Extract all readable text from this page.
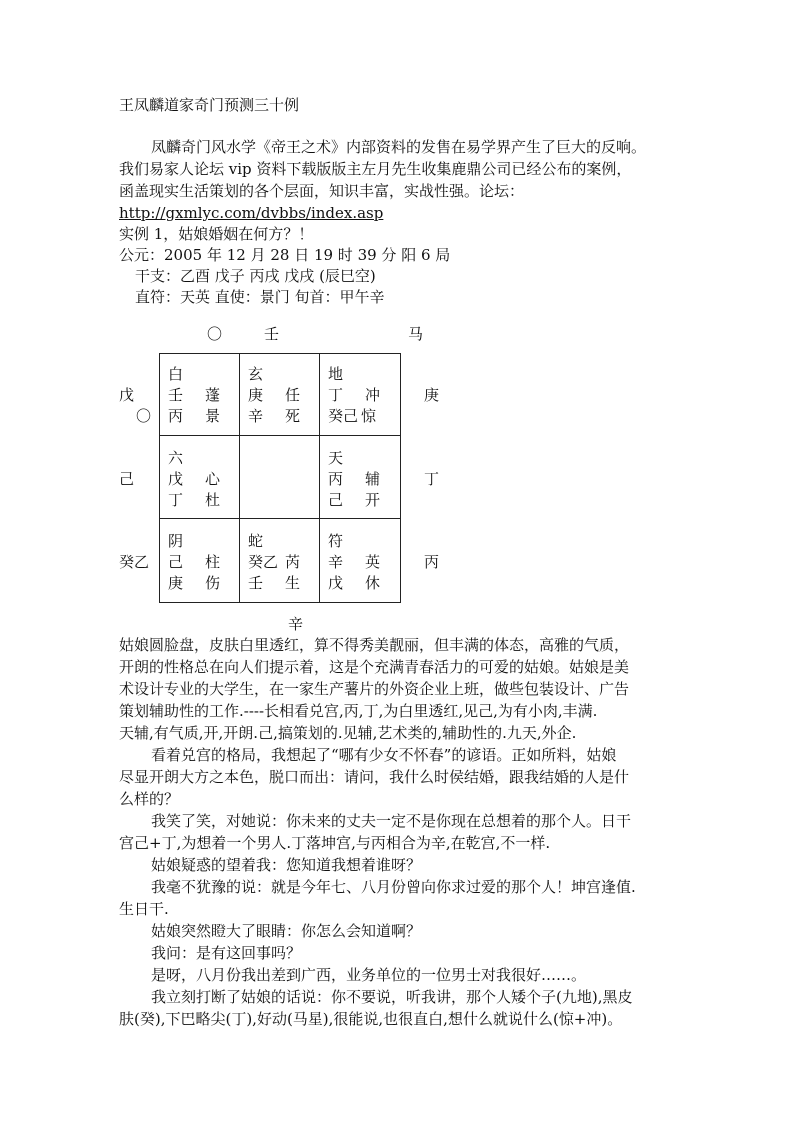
王凤麟道家奇门预测三十例
凤麟奇门风水学《帝王之术》内部资料的发售在易学界产生了巨大的反响。
我们易家人论坛 vip 资料下载版版主左月先生收集鹿鼎公司已经公布的案例，
函盖现实生活策划的各个层面，知识丰富，实战性强。论坛：
http://gxmlyc.com/dvbbs/index.asp
实例 1，姑娘婚姻在何方？！
公元：2005 年 12 月 28 日 19 时 39 分 阳 6 局
干支：乙酉 戊子 丙戌 戊戌 (辰巳空)
直符：天英 直使：景门 旬首：甲午辛
〇	壬	马
戊
〇
己
癸乙
庚
丁
丙
白
壬 蓬
丙 景
玄
庚 任
辛 死
地
丁 冲
癸己 惊
六
戊 心
丁 杜
天
丙 辅
己 开
阴
己 柱
庚 伤
蛇
癸乙 芮
壬 生
符
辛 英
戊 休
辛
姑娘圆脸盘，皮肤白里透红，算不得秀美靓丽，但丰满的体态，高雅的气质，
开朗的性格总在向人们提示着，这是个充满青春活力的可爱的姑娘。姑娘是美
术设计专业的大学生，在一家生产薯片的外资企业上班，做些包装设计、广告
策划辅助性的工作.----长相看兑宫,丙,丁,为白里透红,见己,为有小肉,丰满.
天辅,有气质,开,开朗.己,搞策划的.见辅,艺术类的,辅助性的.九天,外企.
看着兑宫的格局，我想起了“哪有少女不怀春”的谚语。正如所料，姑娘
尽显开朗大方之本色，脱口而出：请问，我什么时侯结婚，跟我结婚的人是什
么样的？
我笑了笑，对她说：你未来的丈夫一定不是你现在总想着的那个人。日干
宫己+丁,为想着一个男人.丁落坤宫,与丙相合为辛,在乾宫,不一样.
姑娘疑惑的望着我：您知道我想着谁呀？
我毫不犹豫的说：就是今年七、八月份曾向你求过爱的那个人！坤宫逢值.
生日干.
姑娘突然瞪大了眼睛：你怎么会知道啊？
我问：是有这回事吗？
是呀，八月份我出差到广西，业务单位的一位男士对我很好……。
我立刻打断了姑娘的话说：你不要说，听我讲，那个人矮个子(九地),黑皮
肤(癸),下巴略尖(丁),好动(马星),很能说,也很直白,想什么就说什么(惊+冲)。
